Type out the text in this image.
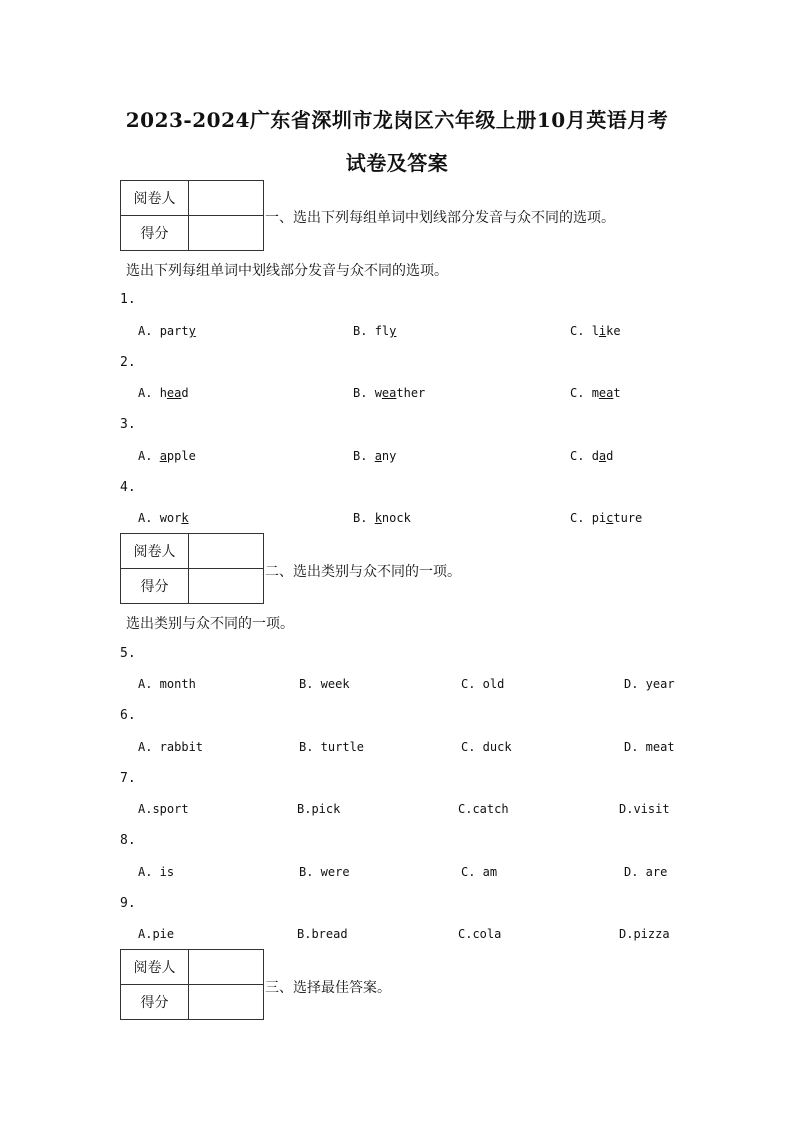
2023-2024广东省深圳市龙岗区六年级上册10月英语月考
试卷及答案
阅卷人	
得分	
一、选出下列每组单词中划线部分发音与众不同的选项。
选出下列每组单词中划线部分发音与众不同的选项。
1.
A. party	B. fly	C. like
2.
A. head	B. weather	C. meat
3.
A. apple	B. any	C. dad
4.
A. work	B. knock	C. picture
阅卷人	
得分	
二、选出类别与众不同的一项。
选出类别与众不同的一项。
5.
A. month	B. week	C. old	D. year
6.
A. rabbit	B. turtle	C. duck	D. meat
7.
A.sport	B.pick	C.catch	D.visit
8.
A. is	B. were	C. am	D. are
9.
A.pie	B.bread	C.cola	D.pizza
阅卷人	
得分	
三、选择最佳答案。
